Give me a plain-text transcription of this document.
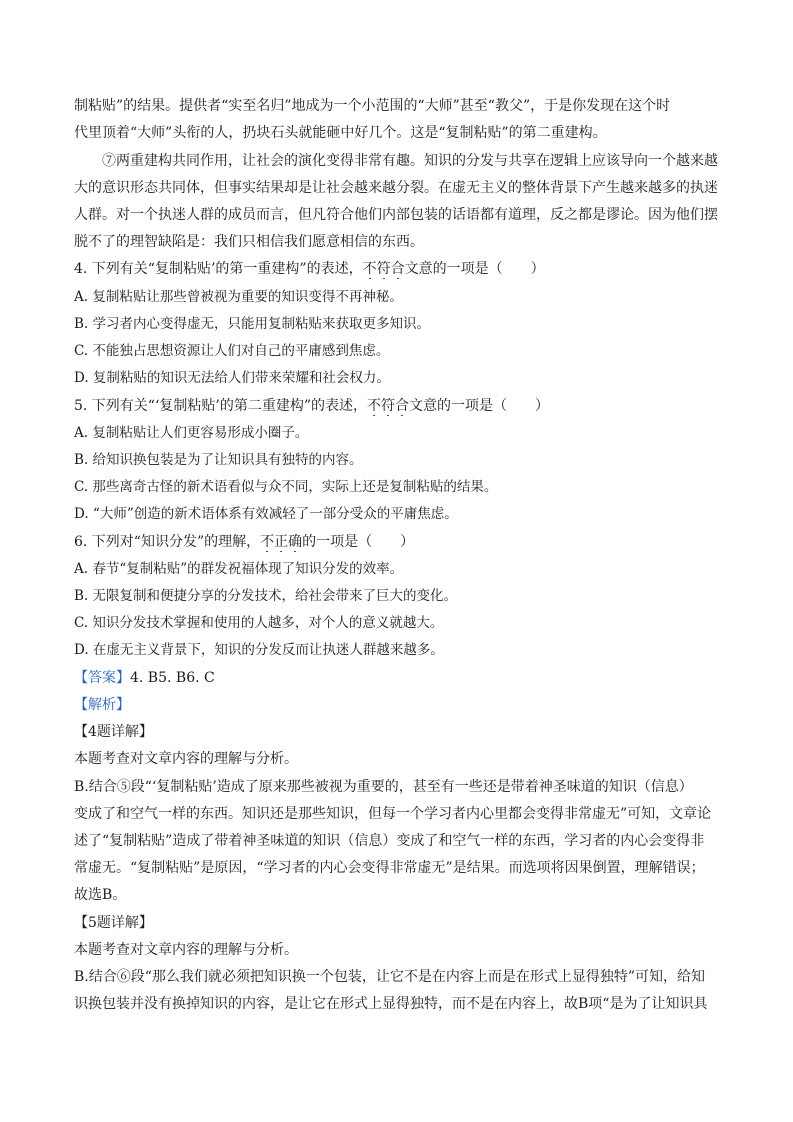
制粘贴”的结果。提供者“实至名归”地成为一个小范围的“大师”甚至“教父”，于是你发现在这个时
代里顶着“大师”头衔的人，扔块石头就能砸中好几个。这是“复制粘贴”的第二重建构。
⑦两重建构共同作用，让社会的演化变得非常有趣。知识的分发与共享在逻辑上应该导向一个越来越
大的意识形态共同体，但事实结果却是让社会越来越分裂。在虚无主义的整体背景下产生越来越多的执迷
人群。对一个执迷人群的成员而言，但凡符合他们内部包装的话语都有道理，反之都是谬论。因为他们摆
脱不了的理智缺陷是：我们只相信我们愿意相信的东西。
4. 下列有关“复制粘贴’的第一重建构”的表述，不符合文意的一项是（　　）
A. 复制粘贴让那些曾被视为重要的知识变得不再神秘。
B. 学习者内心变得虚无，只能用复制粘贴来获取更多知识。
C. 不能独占思想资源让人们对自己的平庸感到焦虑。
D. 复制粘贴的知识无法给人们带来荣耀和社会权力。
5. 下列有关“‘复制粘贴’的第二重建构”的表述，不符合文意的一项是（　　）
A. 复制粘贴让人们更容易形成小圈子。
B. 给知识换包装是为了让知识具有独特的内容。
C. 那些离奇古怪的新术语看似与众不同，实际上还是复制粘贴的结果。
D. “大师”创造的新术语体系有效减轻了一部分受众的平庸焦虑。
6. 下列对“知识分发”的理解，不正确的一项是（　　）
A. 春节“复制粘贴”的群发祝福体现了知识分发的效率。
B. 无限复制和便捷分享的分发技术，给社会带来了巨大的变化。
C. 知识分发技术掌握和使用的人越多，对个人的意义就越大。
D. 在虚无主义背景下，知识的分发反而让执迷人群越来越多。
【答案】4. B5. B6. C
【解析】
【4题详解】
本题考查对文章内容的理解与分析。
B.结合⑤段“‘复制粘贴’造成了原来那些被视为重要的，甚至有一些还是带着神圣味道的知识（信息）
变成了和空气一样的东西。知识还是那些知识，但每一个学习者内心里都会变得非常虚无”可知，文章论
述了“复制粘贴”造成了带着神圣味道的知识（信息）变成了和空气一样的东西，学习者的内心会变得非
常虚无。“复制粘贴”是原因，“学习者的内心会变得非常虚无”是结果。而选项将因果倒置，理解错误；
故选B。
【5题详解】
本题考查对文章内容的理解与分析。
B.结合⑥段“那么我们就必须把知识换一个包装，让它不是在内容上而是在形式上显得独特”可知，给知
识换包装并没有换掉知识的内容，是让它在形式上显得独特，而不是在内容上，故B项“是为了让知识具
